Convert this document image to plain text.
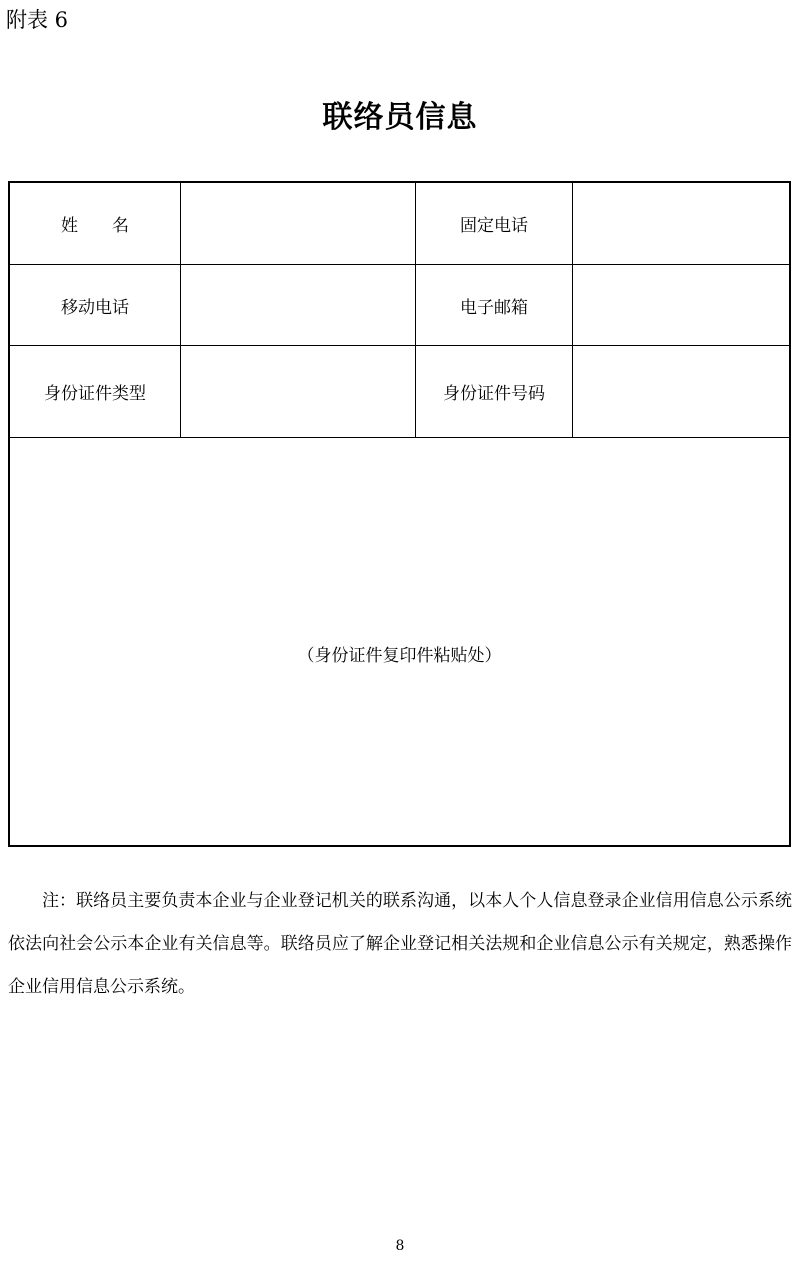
附表 6
联络员信息
姓　　名	固定电话
移动电话	电子邮箱
身份证件类型	身份证件号码
（身份证件复印件粘贴处）
注：联络员主要负责本企业与企业登记机关的联系沟通，以本人个人信息登录企业信用信息公示系统依法向社会公示本企业有关信息等。联络员应了解企业登记相关法规和企业信息公示有关规定，熟悉操作企业信用信息公示系统。
8
